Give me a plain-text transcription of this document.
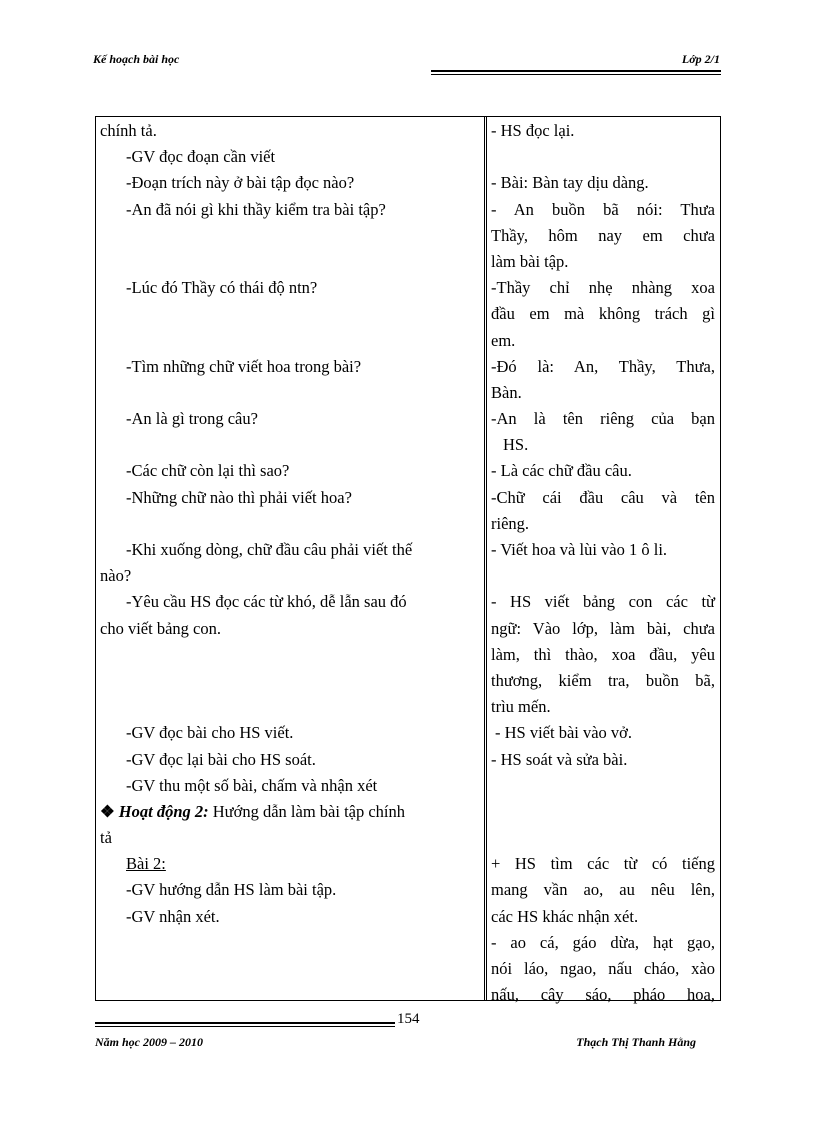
Kế hoạch bài học	Lớp 2/1
chính tả.
-GV đọc đoạn cần viết
-Đoạn trích này ở bài tập đọc nào?
-An đã nói gì khi thầy kiểm tra bài tập?
-Lúc đó Thầy có thái độ ntn?
-Tìm những chữ viết hoa trong bài?
-An là gì trong câu?
-Các chữ còn lại thì sao?
-Những chữ nào thì phải viết hoa?
-Khi xuống dòng, chữ đầu câu phải viết thế
nào?
-Yêu cầu HS đọc các từ khó, dễ lẫn sau đó
cho viết bảng con.
-GV đọc bài cho HS viết.
-GV đọc lại bài cho HS soát.
-GV thu một số bài, chấm và nhận xét
❖ Hoạt động 2: Hướng dẫn làm bài tập chính
tả
Bài 2:
-GV hướng dẫn HS làm bài tập.
-GV nhận xét.
- HS đọc lại.
- Bài: Bàn tay dịu dàng.
- An buồn bã nói: Thưa
Thầy, hôm nay em chưa
làm bài tập.
-Thầy chỉ nhẹ nhàng xoa
đầu em mà không trách gì
em.
-Đó là: An, Thầy, Thưa,
Bàn.
-An là tên riêng của bạn
HS.
- Là các chữ đầu câu.
-Chữ cái đầu câu và tên
riêng.
- Viết hoa và lùi vào 1 ô li.
- HS viết bảng con các từ
ngữ: Vào lớp, làm bài, chưa
làm, thì thào, xoa đầu, yêu
thương, kiểm tra, buồn bã,
trìu mến.
- HS viết bài vào vở.
- HS soát và sửa bài.
+ HS tìm các từ có tiếng
mang vần ao, au nêu lên,
các HS khác nhận xét.
- ao cá, gáo dừa, hạt gạo,
nói láo, ngao, nấu cháo, xào
nấu, cây sáo, pháo hoa,
154
Năm học 2009 – 2010	Thạch Thị Thanh Hằng
